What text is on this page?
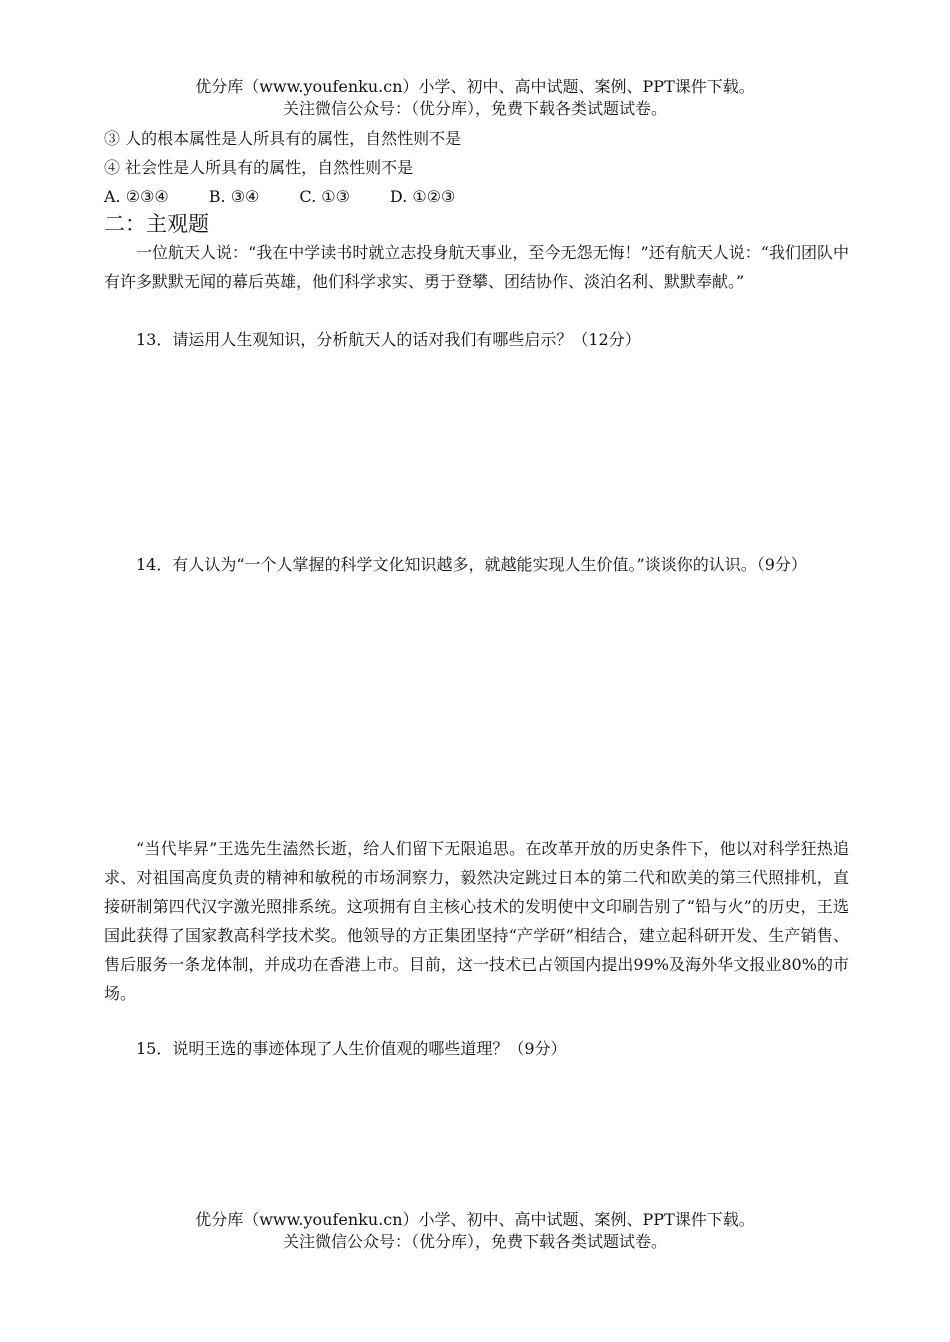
优分库（www.youfenku.cn）小学、初中、高中试题、案例、PPT课件下载。
关注微信公众号：（优分库），免费下载各类试题试卷。
③ 人的根本属性是人所具有的属性，自然性则不是
④ 社会性是人所具有的属性，自然性则不是
A. ②③④	B. ③④	C. ①③	D. ①②③
二：主观题
一位航天人说：“我在中学读书时就立志投身航天事业，至今无怨无悔！”还有航天人说：“我们团队中有许多默默无闻的幕后英雄，他们科学求实、勇于登攀、团结协作、淡泊名利、默默奉献。”
13．请运用人生观知识，分析航天人的话对我们有哪些启示？（12分）
14．有人认为“一个人掌握的科学文化知识越多，就越能实现人生价值。”谈谈你的认识。（9分）
“当代毕昇”王选先生溘然长逝，给人们留下无限追思。在改革开放的历史条件下，他以对科学狂热追求、对祖国高度负责的精神和敏税的市场洞察力，毅然决定跳过日本的第二代和欧美的第三代照排机，直接研制第四代汉字激光照排系统。这项拥有自主核心技术的发明使中文印刷告别了“铅与火”的历史，王选国此获得了国家教高科学技术奖。他领导的方正集团坚持“产学研”相结合，建立起科研开发、生产销售、售后服务一条龙体制，并成功在香港上市。目前，这一技术已占领国内提出99%及海外华文报业80%的市场。
15．说明王选的事迹体现了人生价值观的哪些道理？（9分）
优分库（www.youfenku.cn）小学、初中、高中试题、案例、PPT课件下载。
关注微信公众号：（优分库），免费下载各类试题试卷。
